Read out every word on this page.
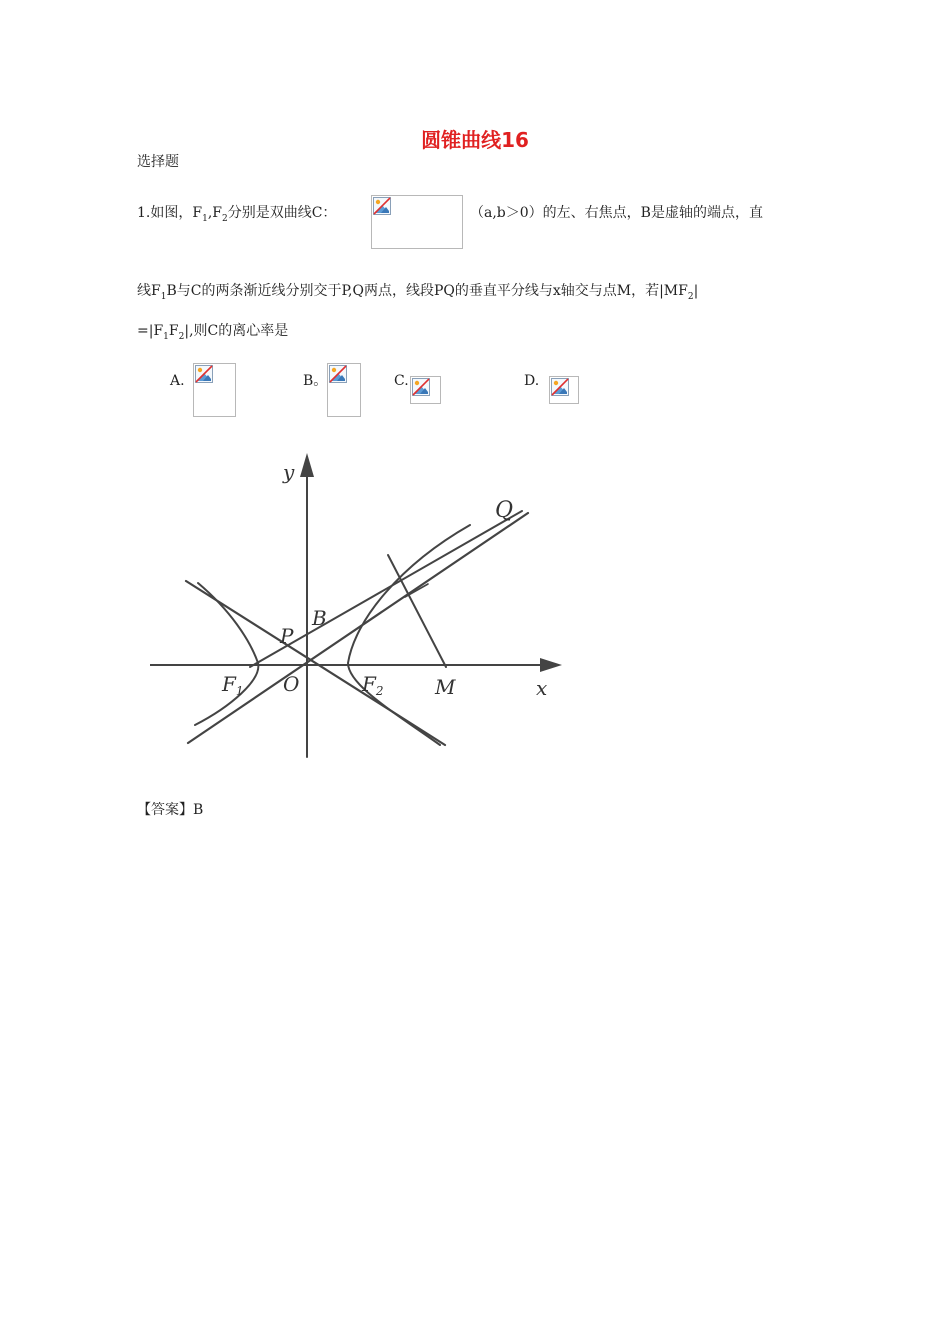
圆锥曲线16
选择题
1.如图，$F_1,F_2$分别是双曲线C：	（a,b＞0）的左、右焦点，B是虚轴的端点，直
线$F_1B$与C的两条渐近线分别交于P,Q两点，线段PQ的垂直平分线与x轴交与点M，若$|MF_2|$
$=|F_1F_2|$,则C的离心率是
A.	B。	C.	D.
y
Q
B
P
$F_1$ O	$F_2$	M	x
【答案】B
